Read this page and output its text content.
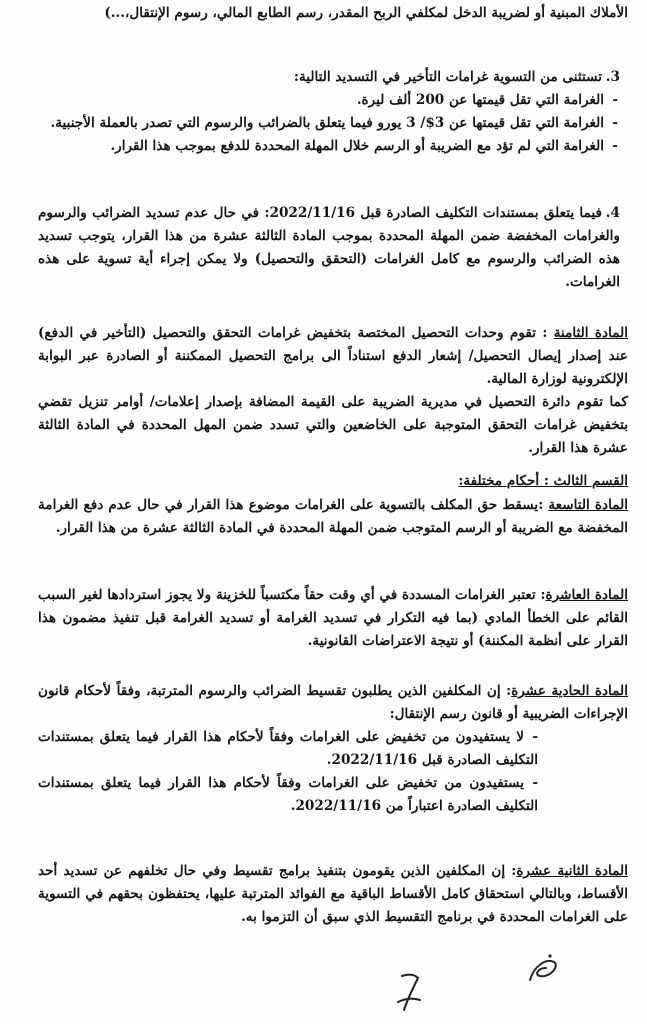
الأملاك المبنية أو لضريبة الدخل لمكلفي الربح المقدر، رسم الطابع المالي، رسوم الإنتقال،...)

3.تستثنى من التسوية غرامات التأخير في التسديد التالية:

-الغرامة التي تقل قيمتها عن 200 ألف ليرة.

-الغرامة التي تقل قيمتها عن 3$/ 3 يورو فيما يتعلق بالضرائب والرسوم التي تصدر بالعملة الأجنبية.

-الغرامة التي لم تؤد مع الضريبة أو الرسم خلال المهلة المحددة للدفع بموجب هذا القرار.

4.فيما يتعلق بمستندات التكليف الصادرة قبل 2022/11/16: في حال عدم تسديد الضرائب والرسوم والغرامات المخفضة ضمن المهلة المحددة بموجب المادة الثالثة عشرة من هذا القرار، يتوجب تسديد هذه الضرائب والرسوم مع كامل الغرامات (التحقق والتحصيل) ولا يمكن إجراء أية تسوية على هذه الغرامات.

المادة الثامنة : تقوم وحدات التحصيل المختصة بتخفيض غرامات التحقق والتحصيل (التأخير في الدفع) عند إصدار إيصال التحصيل/ إشعار الدفع استناداً الى برامج التحصيل الممكننة أو الصادرة عبر البوابة الإلكترونية لوزارة المالية.

كما تقوم دائرة التحصيل في مديرية الضريبة على القيمة المضافة بإصدار إعلامات/ أوامر تنزيل تقضي بتخفيض غرامات التحقق المتوجبة على الخاضعين والتي تسدد ضمن المهل المحددة في المادة الثالثة عشرة هذا القرار.

القسم الثالث : أحكام مختلفة:

المادة التاسعة :يسقط حق المكلف بالتسوية على الغرامات موضوع هذا القرار في حال عدم دفع الغرامة المخفضة مع الضريبة أو الرسم المتوجب ضمن المهلة المحددة في المادة الثالثة عشرة من هذا القرار.

المادة العاشرة: تعتبر الغرامات المسددة في أي وقت حقاً مكتسباً للخزينة ولا يجوز استردادها لغير السبب القائم على الخطأ المادي (بما فيه التكرار في تسديد الغرامة أو تسديد الغرامة قبل تنفيذ مضمون هذا القرار على أنظمة المكننة) أو نتيجة الاعتراضات القانونية.

المادة الحادية عشرة: إن المكلفين الذين يطلبون تقسيط الضرائب والرسوم المترتبة، وفقاً لأحكام قانون الإجراءات الضريبية أو قانون رسم الإنتقال:

-لا يستفيدون من تخفيض على الغرامات وفقاً لأحكام هذا القرار فيما يتعلق بمستندات التكليف الصادرة قبل 2022/11/16.

-يستفيدون من تخفيض على الغرامات وفقاً لأحكام هذا القرار فيما يتعلق بمستندات التكليف الصادرة اعتباراً من 2022/11/16.

المادة الثانية عشرة: إن المكلفين الذين يقومون بتنفيذ برامج تقسيط وفي حال تخلفهم عن تسديد أحد الأقساط، وبالتالي استحقاق كامل الأقساط الباقية مع الفوائد المترتبة عليها، يحتفظون بحقهم في التسوية على الغرامات المحددة في برنامج التقسيط الذي سبق أن التزموا به.
